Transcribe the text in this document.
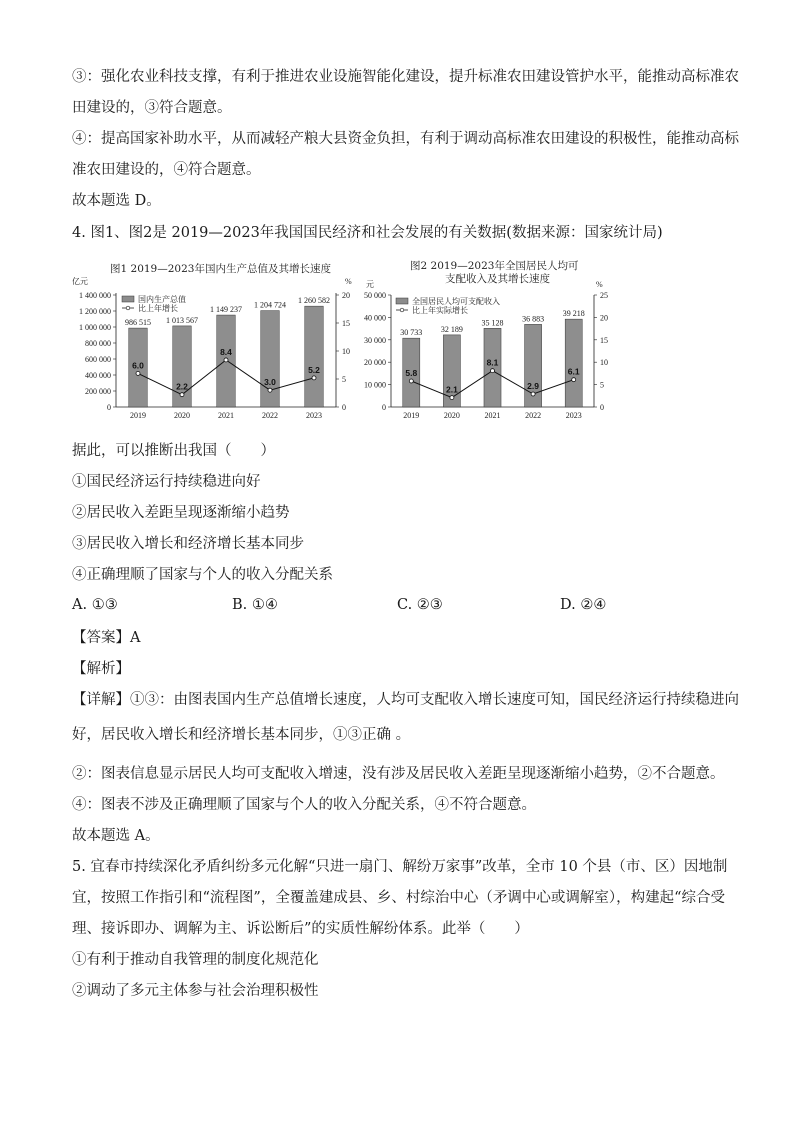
③：强化农业科技支撑，有利于推进农业设施智能化建设，提升标准农田建设管护水平，能推动高标准农
田建设的，③符合题意。
④：提高国家补助水平，从而减轻产粮大县资金负担，有利于调动高标准农田建设的积极性，能推动高标
准农田建设的，④符合题意。
故本题选 D。
4. 图1、图2是 2019—2023年我国国民经济和社会发展的有关数据(数据来源：国家统计局)
图1 2019—2023年国内生产总值及其增长速度
亿元	%
0
200 000
400 000
600 000
800 000
1 000 000
1 200 000
1 400 000
0
5
10
15
20
986 515 1 013 567
1 149 237 1 204 724 1 260 582
6.0
2.2
8.4
3.0
5.2
2019	2020	2021	2022	2023
国内生产总值
比上年增长
图2 2019—2023年全国居民人均可
支配收入及其增长速度
元	%
0
10 000
20 000
30 000
40 000
50 000
0
5
10
15
20
25
30 733 32 189
35 128 36 883
39 218
5.8
2.1
8.1
2.9
6.1
2019	2020	2021	2022	2023
全国居民人均可支配收入
比上年实际增长
据此，可以推断出我国（　　）
①国民经济运行持续稳进向好
②居民收入差距呈现逐渐缩小趋势
③居民收入增长和经济增长基本同步
④正确理顺了国家与个人的收入分配关系
A. ①③	B. ①④	C. ②③	D. ②④
【答案】A
【解析】
【详解】①③：由图表国内生产总值增长速度，人均可支配收入增长速度可知，国民经济运行持续稳进向
好，居民收入增长和经济增长基本同步，①③正确 。
②：图表信息显示居民人均可支配收入增速，没有涉及居民收入差距呈现逐渐缩小趋势，②不合题意。
④：图表不涉及正确理顺了国家与个人的收入分配关系，④不符合题意。
故本题选 A。
5. 宜春市持续深化矛盾纠纷多元化解“只进一扇门、解纷万家事”改革，全市 10 个县（市、区）因地制
宜，按照工作指引和“流程图”，全覆盖建成县、乡、村综治中心（矛调中心或调解室），构建起“综合受
理、接诉即办、调解为主、诉讼断后”的实质性解纷体系。此举（　　）
①有利于推动自我管理的制度化规范化
②调动了多元主体参与社会治理积极性
